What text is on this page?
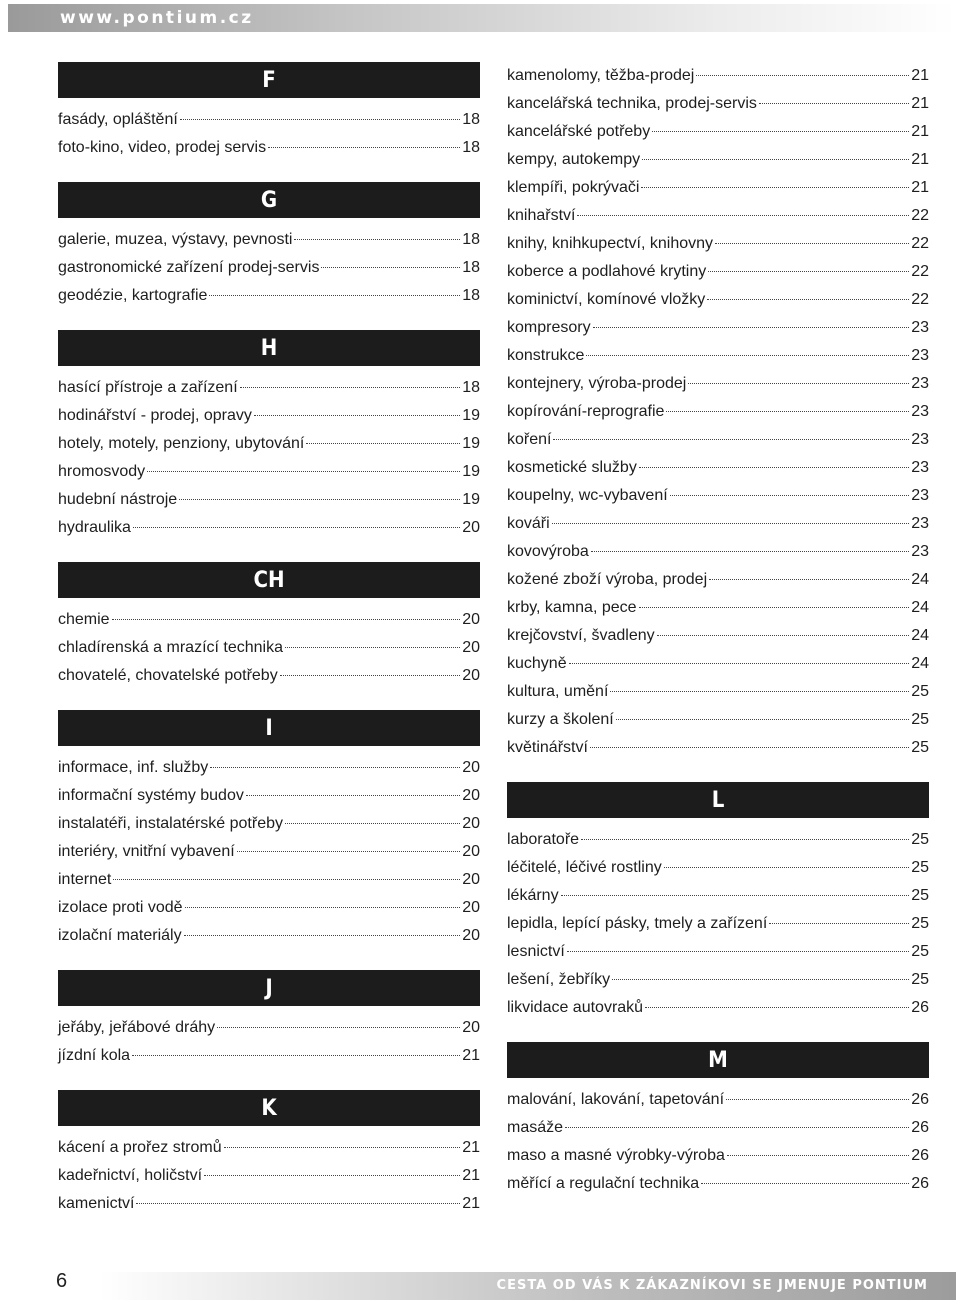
www.pontium.cz
F
fasády, opláštění	18
foto-kino, video, prodej servis	18
G
galerie, muzea, výstavy, pevnosti	18
gastronomické zařízení prodej-servis	18
geodézie, kartografie	18
H
hasící přístroje a zařízení	18
hodinářství - prodej, opravy	19
hotely, motely, penziony, ubytování	19
hromosvody	19
hudební nástroje	19
hydraulika	20
CH
chemie	20
chladírenská a mrazící technika	20
chovatelé, chovatelské potřeby	20
I
informace, inf. služby	20
informační systémy budov	20
instalatéři, instalatérské potřeby	20
interiéry, vnitřní vybavení	20
internet	20
izolace proti vodě	20
izolační materiály	20
J
jeřáby, jeřábové dráhy	20
jízdní kola	21
K
kácení a prořez stromů	21
kadeřnictví, holičství	21
kamenictví	21
kamenolomy, těžba-prodej	21
kancelářská technika, prodej-servis	21
kancelářské potřeby	21
kempy, autokempy	21
klempíři, pokrývači	21
knihařství	22
knihy, knihkupectví, knihovny	22
koberce a podlahové krytiny	22
kominictví, komínové vložky	22
kompresory	23
konstrukce	23
kontejnery, výroba-prodej	23
kopírování-reprografie	23
koření	23
kosmetické služby	23
koupelny, wc-vybavení	23
kováři	23
kovovýroba	23
kožené zboží výroba, prodej	24
krby, kamna, pece	24
krejčovství, švadleny	24
kuchyně	24
kultura, umění	25
kurzy a školení	25
květinářství	25
L
laboratoře	25
léčitelé, léčivé rostliny	25
lékárny	25
lepidla, lepící pásky, tmely a zařízení	25
lesnictví	25
lešení, žebříky	25
likvidace autovraků	26
M
malování, lakování, tapetování	26
masáže	26
maso a masné výrobky-výroba	26
měřící a regulační technika	26
6	CESTA OD VÁS K ZÁKAZNÍKOVI SE JMENUJE PONTIUM
